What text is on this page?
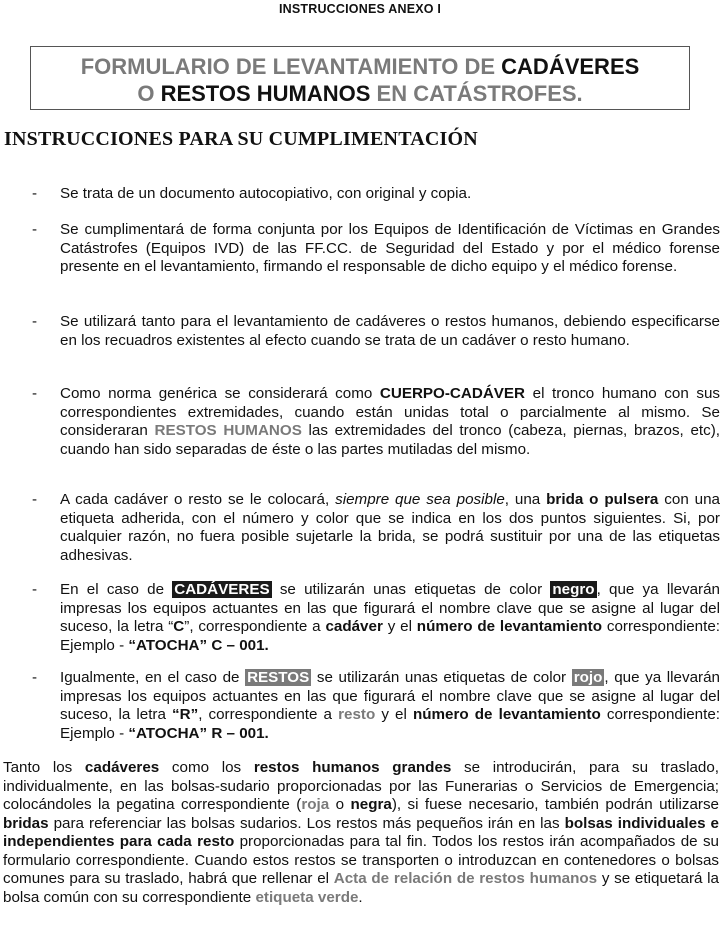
INSTRUCCIONES ANEXO I
FORMULARIO DE LEVANTAMIENTO DE CADÁVERES
O RESTOS HUMANOS EN CATÁSTROFES.
INSTRUCCIONES PARA SU CUMPLIMENTACIÓN
- Se trata de un documento autocopiativo, con original y copia.
- Se cumplimentará de forma conjunta por los Equipos de Identificación de Víctimas en Grandes Catástrofes (Equipos IVD) de las FF.CC. de Seguridad del Estado y por el médico forense presente en el levantamiento, firmando el responsable de dicho equipo y el médico forense.
- Se utilizará tanto para el levantamiento de cadáveres o restos humanos, debiendo especificarse en los recuadros existentes al efecto cuando se trata de un cadáver o resto humano.
- Como norma genérica se considerará como CUERPO-CADÁVER el tronco humano con sus correspondientes extremidades, cuando están unidas total o parcialmente al mismo. Se consideraran RESTOS HUMANOS las extremidades del tronco (cabeza, piernas, brazos, etc), cuando han sido separadas de éste o las partes mutiladas del mismo.
- A cada cadáver o resto se le colocará, siempre que sea posible, una brida o pulsera con una etiqueta adherida, con el número y color que se indica en los dos puntos siguientes. Si, por cualquier razón, no fuera posible sujetarle la brida, se podrá sustituir por una de las etiquetas adhesivas.
- En el caso de CADÁVERES se utilizarán unas etiquetas de color negro , que ya llevarán impresas los equipos actuantes en las que figurará el nombre clave que se asigne al lugar del suceso, la letra “C”, correspondiente a cadáver y el número de levantamiento correspondiente: Ejemplo - “ATOCHA” C – 001.
- Igualmente, en el caso de RESTOS se utilizarán unas etiquetas de color rojo , que ya llevarán impresas los equipos actuantes en las que figurará el nombre clave que se asigne al lugar del suceso, la letra “R”, correspondiente a resto y el número de levantamiento correspondiente: Ejemplo - “ATOCHA” R – 001.
Tanto los cadáveres como los restos humanos grandes se introducirán, para su traslado, individualmente, en las bolsas-sudario proporcionadas por las Funerarias o Servicios de Emergencia; colocándoles la pegatina correspondiente (roja o negra), si fuese necesario, también podrán utilizarse bridas para referenciar las bolsas sudarios. Los restos más pequeños irán en las bolsas individuales e independientes para cada resto proporcionadas para tal fin. Todos los restos irán acompañados de su formulario correspondiente. Cuando estos restos se transporten o introduzcan en contenedores o bolsas comunes para su traslado, habrá que rellenar el Acta de relación de restos humanos y se etiquetará la bolsa común con su correspondiente etiqueta verde.
